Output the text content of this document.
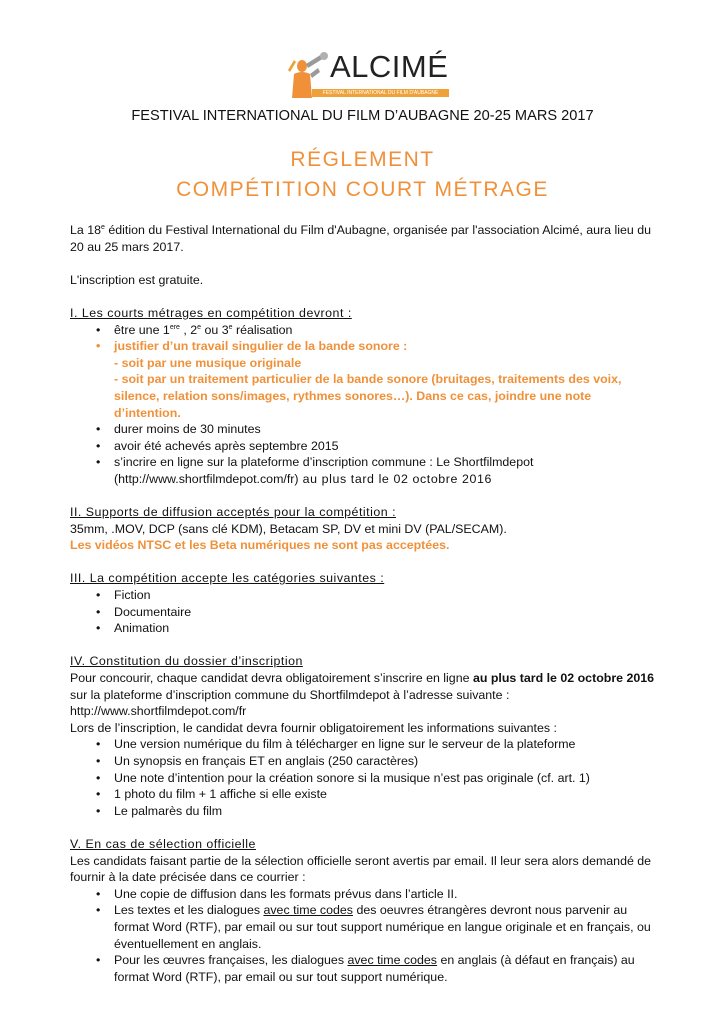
ALCIMÉ
FESTIVAL INTERNATIONAL DU FILM D'AUBAGNE
FESTIVAL INTERNATIONAL DU FILM D’AUBAGNE 20-25 MARS 2017
RÉGLEMENT
COMPÉTITION COURT MÉTRAGE

La 18e édition du Festival International du Film d'Aubagne, organisée par l'association Alcimé, aura lieu du 20 au 25 mars 2017.

L'inscription est gratuite.

I. Les courts métrages en compétition devront :

• être une 1ere , 2e ou 3e réalisation
• justifier d’un travail singulier de la bande sonore :
- soit par une musique originale
- soit par un traitement particulier de la bande sonore (bruitages, traitements des voix, silence, relation sons/images, rythmes sonores…). Dans ce cas, joindre une note d’intention.
• durer moins de 30 minutes
• avoir été achevés après septembre 2015
• s’incrire en ligne sur la plateforme d’inscription commune : Le Shortfilmdepot (http://www.shortfilmdepot.com/fr) au plus tard le 02 octobre 2016

II. Supports de diffusion acceptés pour la compétition :

35mm, .MOV, DCP (sans clé KDM), Betacam SP, DV et mini DV (PAL/SECAM).

Les vidéos NTSC et les Beta numériques ne sont pas acceptées.

III. La compétition accepte les catégories suivantes :

• Fiction
• Documentaire
• Animation

IV. Constitution du dossier d’inscription

Pour concourir, chaque candidat devra obligatoirement s’inscrire en ligne au plus tard le 02 octobre 2016 sur la plateforme d’inscription commune du Shortfilmdepot à l’adresse suivante :

http://www.shortfilmdepot.com/fr

Lors de l’inscription, le candidat devra fournir obligatoirement les informations suivantes :

• Une version numérique du film à télécharger en ligne sur le serveur de la plateforme
• Un synopsis en français ET en anglais (250 caractères)
• Une note d’intention pour la création sonore si la musique n’est pas originale (cf. art. 1)
• 1 photo du film + 1 affiche si elle existe
• Le palmarès du film

V. En cas de sélection officielle

Les candidats faisant partie de la sélection officielle seront avertis par email. Il leur sera alors demandé de fournir à la date précisée dans ce courrier :

• Une copie de diffusion dans les formats prévus dans l’article II.
• Les textes et les dialogues avec time codes des oeuvres étrangères devront nous parvenir au format Word (RTF), par email ou sur tout support numérique en langue originale et en français, ou éventuellement en anglais.
• Pour les œuvres françaises, les dialogues avec time codes en anglais (à défaut en français) au format Word (RTF), par email ou sur tout support numérique.
